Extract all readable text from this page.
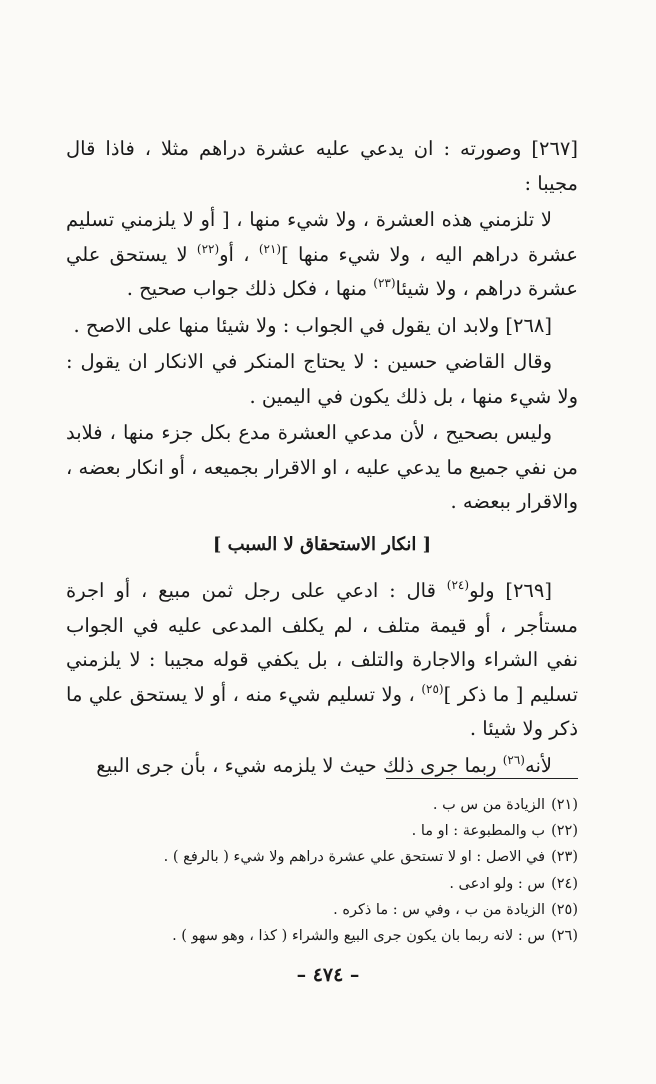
[٢٦٧] وصورته : ان يدعي عليه عشرة دراهم مثلا ، فاذا قال مجيبا :

لا تلزمني هذه العشرة ، ولا شيء منها ، [ أو لا يلزمني تسليم عشرة دراهم اليه ، ولا شيء منها ]$^{(٢١)}$ ، أو$^{(٢٢)}$ لا يستحق علي عشرة دراهم ، ولا شيئا$^{(٢٣)}$ منها ، فكل ذلك جواب صحيح .

[٢٦٨] ولابد ان يقول في الجواب : ولا شيئا منها على الاصح .

وقال القاضي حسين : لا يحتاج المنكر في الانكار ان يقول : ولا شيء منها ، بل ذلك يكون في اليمين .

وليس بصحيح ، لأن مدعي العشرة مدع بكل جزء منها ، فلابد من نفي جميع ما يدعي عليه ، او الاقرار بجميعه ، أو انكار بعضه ، والاقرار ببعضه .

[ انكار الاستحقاق لا السبب ]

[٢٦٩] ولو$^{(٢٤)}$ قال : ادعي على رجل ثمن مبيع ، أو اجرة مستأجر ، أو قيمة متلف ، لم يكلف المدعى عليه في الجواب نفي الشراء والاجارة والتلف ، بل يكفي قوله مجيبا : لا يلزمني تسليم [ ما ذكر ]$^{(٢٥)}$ ، ولا تسليم شيء منه ، أو لا يستحق علي ما ذكر ولا شيئا .

لأنه$^{(٢٦)}$ ربما جرى ذلك حيث لا يلزمه شيء ، بأن جرى البيع

(٢١)الزيادة من س ب .
(٢٢)ب والمطبوعة : او ما .
(٢٣)في الاصل : او لا تستحق علي عشرة دراهم ولا شيء ( بالرفع ) .
(٢٤)س : ولو ادعى .
(٢٥)الزيادة من ب ، وفي س : ما ذكره .
(٢٦)س : لانه ربما بان يكون جرى البيع والشراء ( كذا ، وهو سهو ) .
– ٤٧٤ –
